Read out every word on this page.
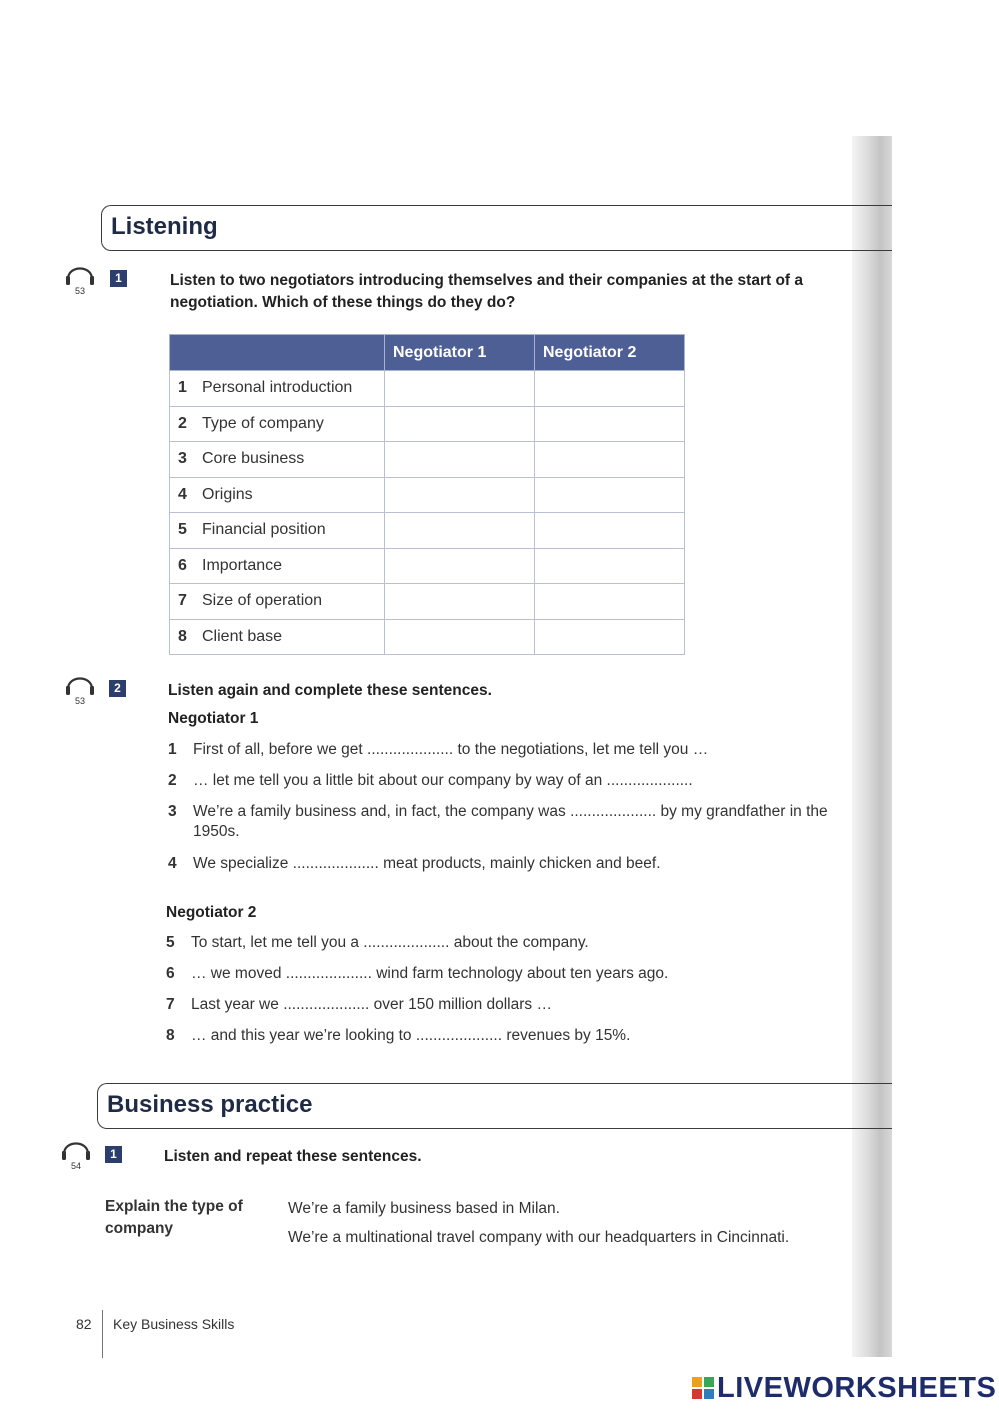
Listening
53
1	Listen to two negotiators introducing themselves and their companies at the start of a negotiation. Which of these things do they do?
	Negotiator 1	Negotiator 2
1 Personal introduction		
2 Type of company		
3 Core business		
4 Origins		
5 Financial position		
6 Importance		
7 Size of operation		
8 Client base		
53
2	Listen again and complete these sentences.
Negotiator 1
1 First of all, before we get .................... to the negotiations, let me tell you …
2 … let me tell you a little bit about our company by way of an ....................
3 We’re a family business and, in fact, the company was .................... by my grandfather in the 1950s.
4 We specialize .................... meat products, mainly chicken and beef.
Negotiator 2
5 To start, let me tell you a .................... about the company.
6 … we moved .................... wind farm technology about ten years ago.
7 Last year we .................... over 150 million dollars …
8 … and this year we’re looking to .................... revenues by 15%.
Business practice
54
1	Listen and repeat these sentences.
Explain the type of company
We’re a family business based in Milan.
We’re a multinational travel company with our headquarters in Cincinnati.
82 Key Business Skills
LIVEWORKSHEETS
